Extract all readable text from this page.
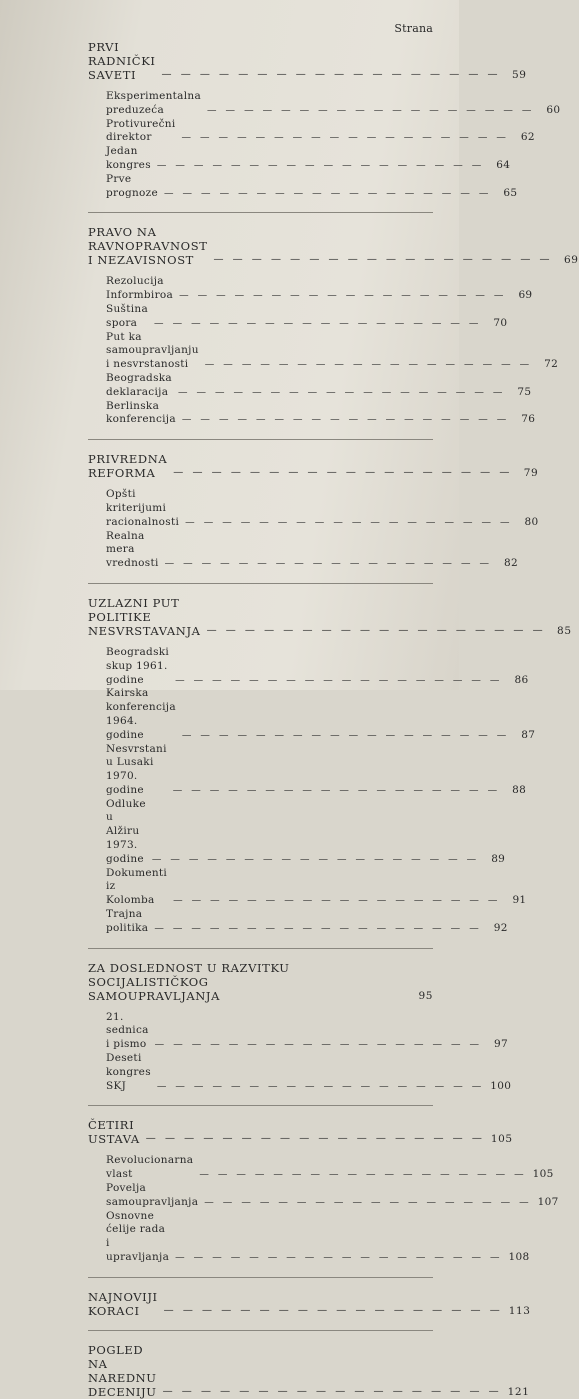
Strana
PRVI RADNIČKI SAVETI	— — — — — — — — — — — — — — — — — —	59
Eksperimentalna preduzeća	— — — — — — — — — — — — — — — — — —	60
Protivurečni direktor	— — — — — — — — — — — — — — — — — —	62
Jedan kongres — — — — — — — — — — — — — — — — — —	64
Prve prognoze — — — — — — — — — — — — — — — — — —	65
PRAVO NA RAVNOPRAVNOST I NEZAVISNOST	— — — — — — — — — — — — — — — — — —	69
Rezolucija Informbiroa — — — — — — — — — — — — — — — — — —	69
Suština spora	— — — — — — — — — — — — — — — — — —	70
Put ka samoupravljanju i nesvrstanosti	— — — — — — — — — — — — — — — — — —	72
Beogradska deklaracija	— — — — — — — — — — — — — — — — — —	75
Berlinska konferencija — — — — — — — — — — — — — — — — — —	76
PRIVREDNA REFORMA	— — — — — — — — — — — — — — — — — —	79
Opšti kriterijumi racionalnosti — — — — — — — — — — — — — — — — — —	80
Realna mera vrednosti — — — — — — — — — — — — — — — — — —	82
UZLAZNI PUT POLITIKE NESVRSTAVANJA — — — — — — — — — — — — — — — — — —	85
Beogradski skup 1961. godine	— — — — — — — — — — — — — — — — — —	86
Kairska konferencija 1964. godine	— — — — — — — — — — — — — — — — — —	87
Nesvrstani u Lusaki 1970. godine	— — — — — — — — — — — — — — — — — —	88
Odluke u Alžiru 1973. godine — — — — — — — — — — — — — — — — — —	89
Dokumenti iz Kolomba	— — — — — — — — — — — — — — — — — —	91
Trajna politika — — — — — — — — — — — — — — — — — —	92
ZA DOSLEDNOST U RAZVITKU SOCIJALISTIČKOG
SAMOUPRAVLJANJA	95
21. sednica i pismo — — — — — — — — — — — — — — — — — —	97
Deseti kongres SKJ	— — — — — — — — — — — — — — — — — — 100
ČETIRI USTAVA — — — — — — — — — — — — — — — — — — 105
Revolucionarna vlast	— — — — — — — — — — — — — — — — — — 105
Povelja samoupravljanja — — — — — — — — — — — — — — — — — — 107
Osnovne ćelije rada i upravljanja — — — — — — — — — — — — — — — — — — 108
NAJNOVIJI KORACI	— — — — — — — — — — — — — — — — — — 113
POGLED NA NAREDNU DECENIJU — — — — — — — — — — — — — — — — — — 121
